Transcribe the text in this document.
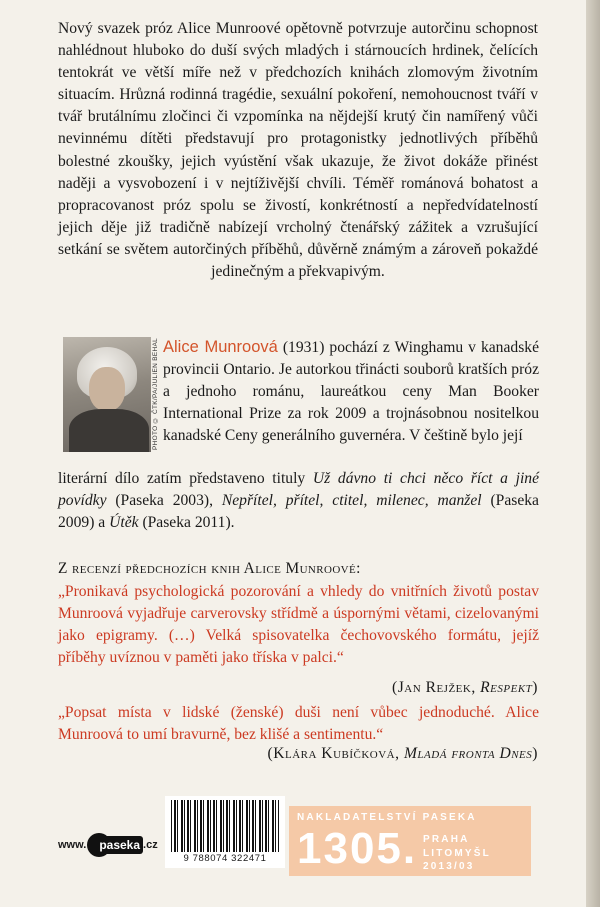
Nový svazek próz Alice Munroové opětovně potvrzuje autorčinu schopnost nahlédnout hluboko do duší svých mladých i stárnoucích hrdinek, čelících tentokrát ve větší míře než v předchozích knihách zlomovým životním situacím. Hrůzná rodinná tragédie, sexuální pokoření, nemohoucnost tváří v tvář brutálnímu zločinci či vzpomínka na nějdejší krutý čin namířený vůči nevinnému dítěti představují pro protagonistky jednotlivých příběhů bolestné zkoušky, jejich vyústění však ukazuje, že život dokáže přinést naději a vysvobození i v nejtíživější chvíli. Téměř románová bohatost a propracovanost próz spolu se živostí, konkrétností a nepředvídatelností jejich děje již tradičně nabízejí vrcholný čtenářský zážitek a vzrušující setkání se světem autorčiných příběhů, důvěrně známým a zároveň pokaždé jedinečným a překvapivým.
PHOTO © ČTK/PA/JULIEN BEHAL Alice Munroová (1931) pochází z Winghamu v kanadské provincii Ontario. Je autorkou třinácti souborů kratších próz a jednoho románu, laureátkou ceny Man Booker International Prize za rok 2009 a trojnásobnou nositelkou kanadské Ceny generálního guvernéra. V češtině bylo její
literární dílo zatím představeno tituly Už dávno ti chci něco říct a jiné povídky (Paseka 2003), Nepřítel, přítel, ctitel, milenec, manžel (Paseka 2009) a Útěk (Paseka 2011).
Z recenzí předchozích knih Alice Munroové:
„Pronikavá psychologická pozorování a vhledy do vnitřních životů postav Munroová vyjadřuje carverovsky střídmě a úspornými větami, cizelovanými jako epigramy. (…) Velká spisovatelka čechovovského formátu, jejíž příběhy uvíznou v paměti jako tříska v palci.“
(Jan Rejžek, Respekt)
„Popsat místa v lidské (ženské) duši není vůbec jednoduché. Alice Munroová to umí bravurně, bez klišé a sentimentu.“
(Klára Kubíčková, Mladá fronta Dnes)
www. paseka .cz
9 788074 322471
NAKLADATELSTVÍ PASEKA
1305. PRAHA
LITOMYŠL
2013/03
